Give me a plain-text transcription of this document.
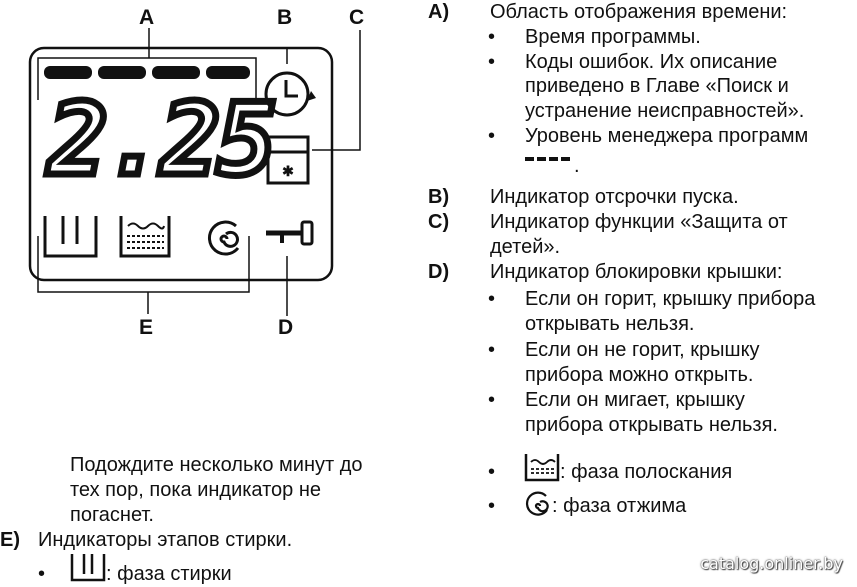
2.25 ✱
A	B	C
E	D
A) Область отображения времени:
• Время программы.
• Коды ошибок. Их описание
приведено в Главе «Поиск и
устранение неисправностей».
• Уровень менеджера программ
.
B) Индикатор отсрочки пуска.
C) Индикатор функции «Защита от
детей».
D) Индикатор блокировки крышки:
• Если он горит, крышку прибора
открывать нельзя.
• Если он не горит, крышку
прибора можно открыть.
• Если он мигает, крышку
прибора открывать нельзя.
•	: фаза полоскания
•	: фаза отжима
Подождите несколько минут до
тех пор, пока индикатор не
погаснет.
E) Индикаторы этапов стирки.
•	: фаза стирки	catalog.onliner.by
